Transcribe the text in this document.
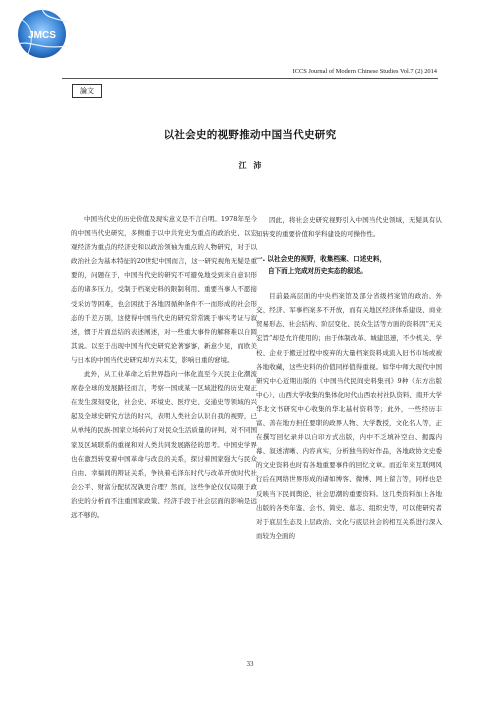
JMCS
ICCS Journal of Modern Chinese Studies Vol.7 (2) 2014
論文
以社会史的视野推动中国当代史研究
江 沛

中国当代史的历史价值及现实意义是不言自明。1978年至今的中国当代史研究，多侧重于以中共党史为重点的政治史、以宏观经济为重点的经济史和以政治领袖为重点的人物研究，对于以政治社会为基本特征的20世纪中国而言，这一研究视角无疑是重要的，问题在于，中国当代史的研究不可避免地受到来自意识形态的诸多压力，受制于档案史料的限制利用、重要当事人不愿接受采访等困难，也会困扰于各地因循种条件不一而形成的社会形态的千差万别，这使得中国当代史的研究常常跳于事实考证与叙述，惯于片面总结的表述阐述，对一些重大事件的解释难以自圆其说。以至于出现中国当代史研究论著寥寥，新意少见，而欧美与日本的中国当代史研究却方兴未艾，影响日重的窘境。

此外，从工业革命之后世界趋向一体化直至今天民主化潮流席卷全球的发展路径而言，考察一国或某一区域进程的历史观正在发生深刻变化，社会史、环境史、医疗史、交通史等领域的兴起及全球史研究方法的时兴，表明人类社会认识自我的视野，已从单纯的民族-国家立场转向了对民众生活质量的评判、对不同国家及区域联系的重视和对人类共同发展路径的思考。中国史学界也在激烈转变着中国革命与改良的关系，探讨着国家强大与民众自由、幸福间的辩证关系，争执着毛泽东时代与改革开放时代社会公平、财富分配状况孰更合理？然而，这些争论仅仅局限于政治史的分析而不注重国家政策、经济手段于社会层面的影响是远远不够的。

因此，将社会史研究视野引入中国当代史领域，无疑具有认知转变的重要价值和学科建设的可操作性。

一. 以社会史的视野，收集档案、口述史料，
自下而上完成对历史实态的叙述。

目前最高层面的中央档案馆及部分省级档案馆的政治、外交、经济、军事档案多不开放，而有关地区经济体系建设、商业贸易形态、社会结构、阶层变化、民众生活等方面的资料因“无关宏旨”却是允许使用的；由于体制改革、城建迅速，不少机关、学校、企业于搬迁过程中废弃的大量档案资料成流入旧书市场或被各地收藏，这些史料的价值同样值得重视。如华中师大现代中国研究中心近期出版的《中国当代民间史料集刊》9种（东方出版中心）、山西大学收集的集体化时代山西农村社队资料、南开大学华北文书研究中心收集的华北基村资料等；此外，一些经历丰富、善在地方担任要职的政界人物、大学教授，文化名人等，正在撰写回忆录并以自印方式出版，内中不乏填补空白、揭露内幕、叙述清晰、内容真实，分析独当的好作品，各地政协文史委的文史资料也时有各地重要事件的回忆文章。而近年来互联网风行后在网络世界形成的诸如博客、微博、网上留言等，同样也是反映当下民间舆论、社会思潮的重要资料。这几类资料加上各地出版的各类年鉴、会书、简史、墓志、组织史等，可以使研究者对于底层生态及上层政治、文化与底层社会的相互关系进行深入而较为全面的

33
